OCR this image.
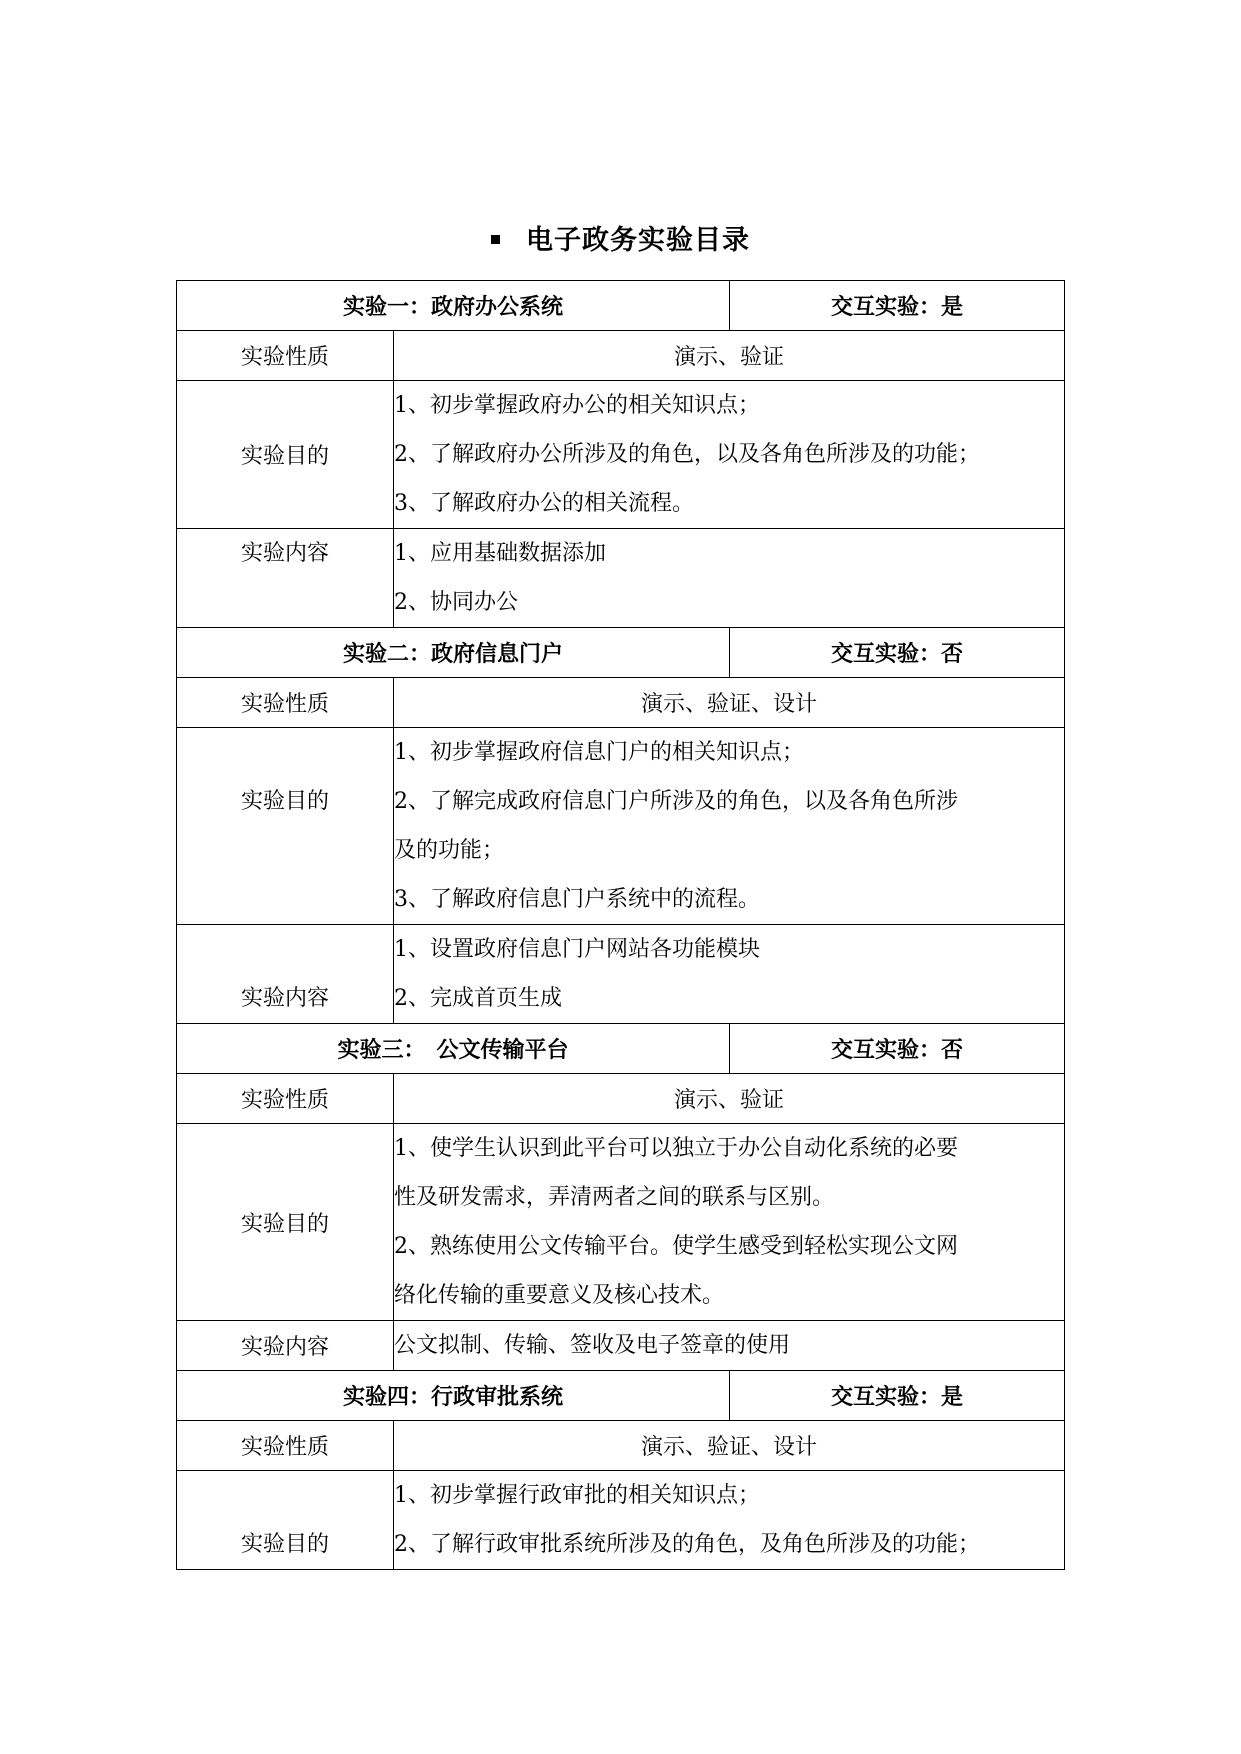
电子政务实验目录
实验一：政府办公系统		交互实验：是
实验性质	演示、验证	
实验目的	1、初步掌握政府办公的相关知识点；
2、了解政府办公所涉及的角色，以及各角色所涉及的功能；
3、了解政府办公的相关流程。	

实验内容	1、应用基础数据添加
2、协同办公	

实验二：政府信息门户		交互实验：否
实验性质	演示、验证、设计	

实验目的	1、初步掌握政府信息门户的相关知识点；
2、了解完成政府信息门户所涉及的角色，以及各角色所涉
及的功能；
3、了解政府信息门户系统中的流程。	

实验内容	1、设置政府信息门户网站各功能模块
2、完成首页生成	

实验三：　公文传输平台		交互实验：否
实验性质	演示、验证	
实验目的	1、使学生认识到此平台可以独立于办公自动化系统的必要
性及研发需求，弄清两者之间的联系与区别。
2、熟练使用公文传输平台。使学生感受到轻松实现公文网
络化传输的重要意义及核心技术。	

实验内容	公文拟制、传输、签收及电子签章的使用	

实验四：行政审批系统		交互实验：是
实验性质	演示、验证、设计	

实验目的	1、初步掌握行政审批的相关知识点；
2、了解行政审批系统所涉及的角色，及角色所涉及的功能；	
